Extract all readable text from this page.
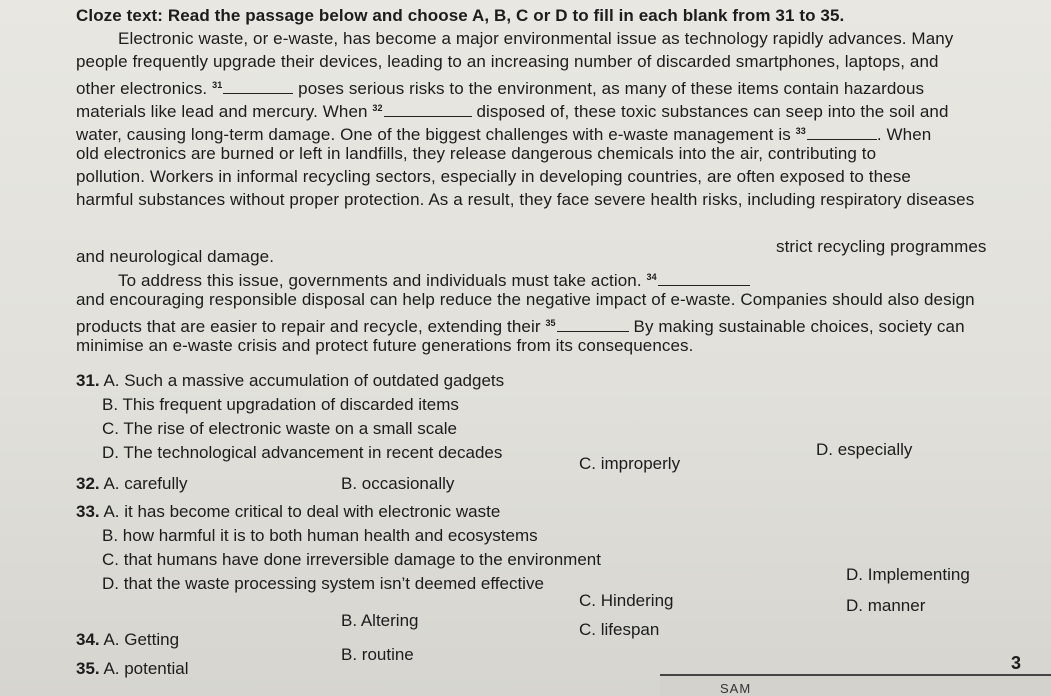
Cloze text: Read the passage below and choose A, B, C or D to fill in each blank from 31 to 35.
Electronic waste, or e-waste, has become a major environmental issue as technology rapidly advances. Many
people frequently upgrade their devices, leading to an increasing number of discarded smartphones, laptops, and
other electronics. $^{31}$	poses serious risks to the environment, as many of these items contain hazardous
materials like lead and mercury. When $^{32}$	disposed of, these toxic substances can seep into the soil and
water, causing long-term damage. One of the biggest challenges with e-waste management is $^{33}$	. When
old electronics are burned or left in landfills, they release dangerous chemicals into the air, contributing to
pollution. Workers in informal recycling sectors, especially in developing countries, are often exposed to these
harmful substances without proper protection. As a result, they face severe health risks, including respiratory diseases
and neurological damage.
To address this issue, governments and individuals must take action. $^{34}$
strict recycling programmes
and encouraging responsible disposal can help reduce the negative impact of e-waste. Companies should also design
products that are easier to repair and recycle, extending their $^{35}$	By making sustainable choices, society can
minimise an e-waste crisis and protect future generations from its consequences.
31. A. Such a massive accumulation of outdated gadgets
B. This frequent upgradation of discarded items
C. The rise of electronic waste on a small scale
D. The technological advancement in recent decades
32. A. carefully	B. occasionally
C. improperly
D. especially
33. A. it has become critical to deal with electronic waste
B. how harmful it is to both human health and ecosystems
C. that humans have done irreversible damage to the environment
D. that the waste processing system isn’t deemed effective
34. A. Getting
B. Altering
C. Hindering
D. Implementing
35. A. potential
B. routine
C. lifespan
D. manner
SAM
3
